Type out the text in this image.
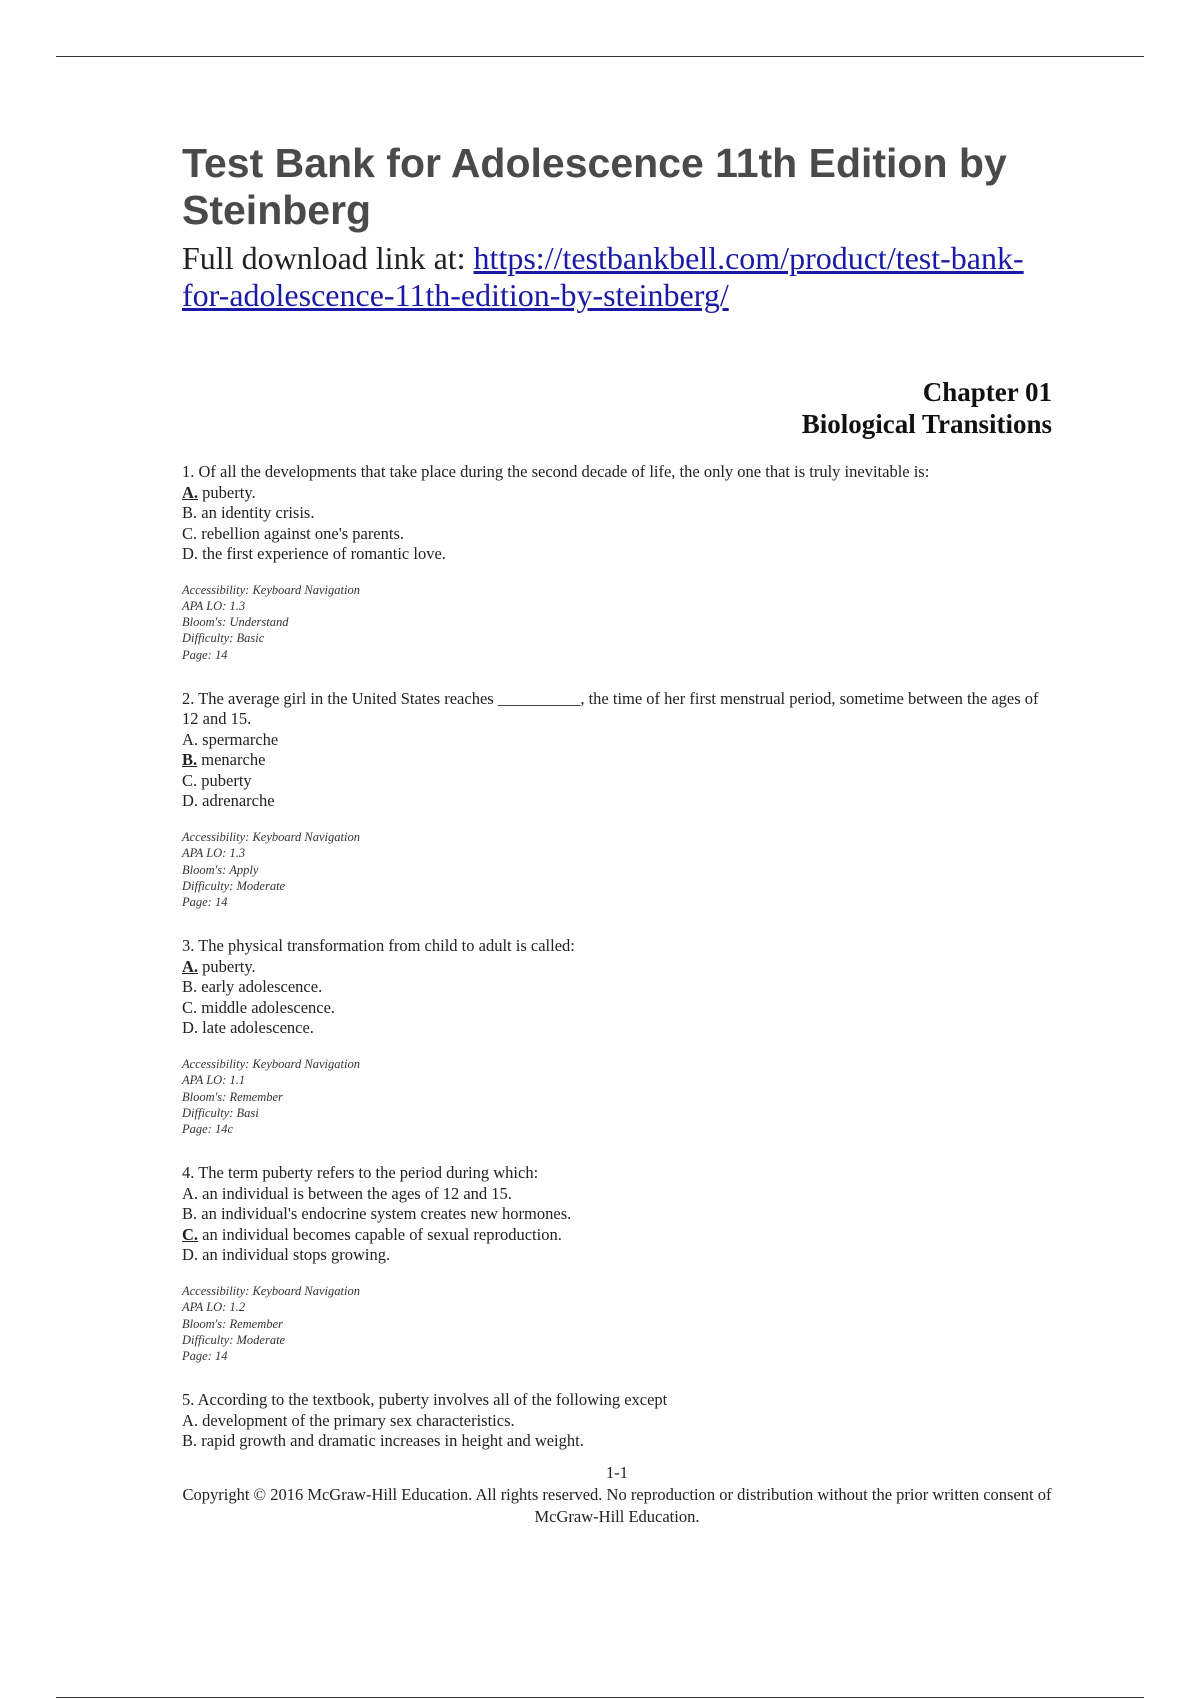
Test Bank for Adolescence 11th Edition by Steinberg
Full download link at: https://testbankbell.com/product/test-bank-for-adolescence-11th-edition-by-steinberg/
Chapter 01
Biological Transitions

1. Of all the developments that take place during the second decade of life, the only one that is truly inevitable is:

A. puberty.
B. an identity crisis.
C. rebellion against one's parents.
D. the first experience of romantic love.
Accessibility: Keyboard Navigation
APA LO: 1.3
Bloom's: Understand
Difficulty: Basic
Page: 14

2. The average girl in the United States reaches __________, the time of her first menstrual period, sometime between the ages of 12 and 15.

A. spermarche
B. menarche
C. puberty
D. adrenarche
Accessibility: Keyboard Navigation
APA LO: 1.3
Bloom's: Apply
Difficulty: Moderate
Page: 14

3. The physical transformation from child to adult is called:

A. puberty.
B. early adolescence.
C. middle adolescence.
D. late adolescence.
Accessibility: Keyboard Navigation
APA LO: 1.1
Bloom's: Remember
Difficulty: Basi
Page: 14c

4. The term puberty refers to the period during which:

A. an individual is between the ages of 12 and 15.
B. an individual's endocrine system creates new hormones.
C. an individual becomes capable of sexual reproduction.
D. an individual stops growing.
Accessibility: Keyboard Navigation
APA LO: 1.2
Bloom's: Remember
Difficulty: Moderate
Page: 14

5. According to the textbook, puberty involves all of the following except

A. development of the primary sex characteristics.
B. rapid growth and dramatic increases in height and weight.
1-1
Copyright © 2016 McGraw-Hill Education. All rights reserved. No reproduction or distribution without the prior written consent of McGraw-Hill Education.
